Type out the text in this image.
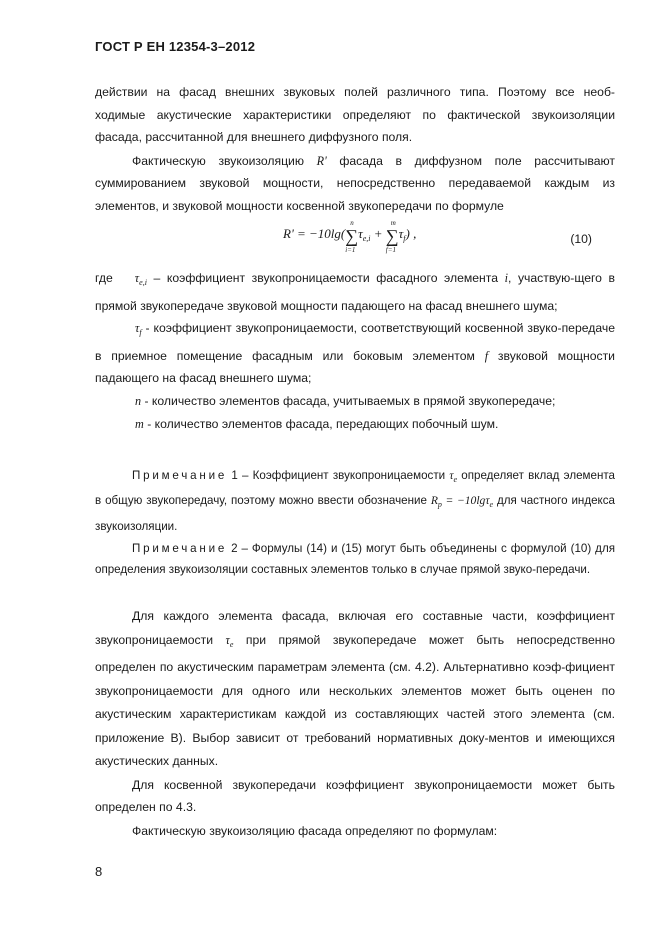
ГОСТ Р ЕН 12354-3–2012

действии на фасад внешних звуковых полей различного типа. Поэтому все необ-

ходимые акустические характеристики определяют по фактической звукоизоляции

фасада, рассчитанной для внешнего диффузного поля.

Фактическую звукоизоляцию R' фасада в диффузном поле рассчитывают суммированием звуковой мощности, непосредственно передаваемой каждым из элементов, и звуковой мощности косвенной звукопередачи по формуле

R' = −10lg(∑
n
i=1
$\tau_{e,i}$ + ∑
m
f=1
$\tau_f$) ,	(10)

где $\tau_{e,i}$ – коэффициент звукопроницаемости фасадного элемента i, участвую-щего в прямой звукопередаче звуковой мощности падающего на фасад внешнего шума;

$\tau_f$ - коэффициент звукопроницаемости, соответствующий косвенной звуко-передаче в приемное помещение фасадным или боковым элементом f звуковой мощности падающего на фасад внешнего шума;

n - количество элементов фасада, учитываемых в прямой звукопередаче;

m - количество элементов фасада, передающих побочный шум.

Примечание 1 – Коэффициент звукопроницаемости $\tau_e$ определяет вклад элемента в общую звукопередачу, поэтому можно ввести обозначение $R_p = -10\lg\tau_e$ для частного индекса звукоизоляции.

Примечание 2 – Формулы (14) и (15) могут быть объединены с формулой (10) для определения звукоизоляции составных элементов только в случае прямой звуко-передачи.

Для каждого элемента фасада, включая его составные части, коэффициент звукопроницаемости $\tau_e$ при прямой звукопередаче может быть непосредственно определен по акустическим параметрам элемента (см. 4.2). Альтернативно коэф-фициент звукопроницаемости для одного или нескольких элементов может быть оценен по акустическим характеристикам каждой из составляющих частей этого элемента (см. приложение В). Выбор зависит от требований нормативных доку-ментов и имеющихся акустических данных.

Для косвенной звукопередачи коэффициент звукопроницаемости может быть определен по 4.3.

Фактическую звукоизоляцию фасада определяют по формулам:

8
